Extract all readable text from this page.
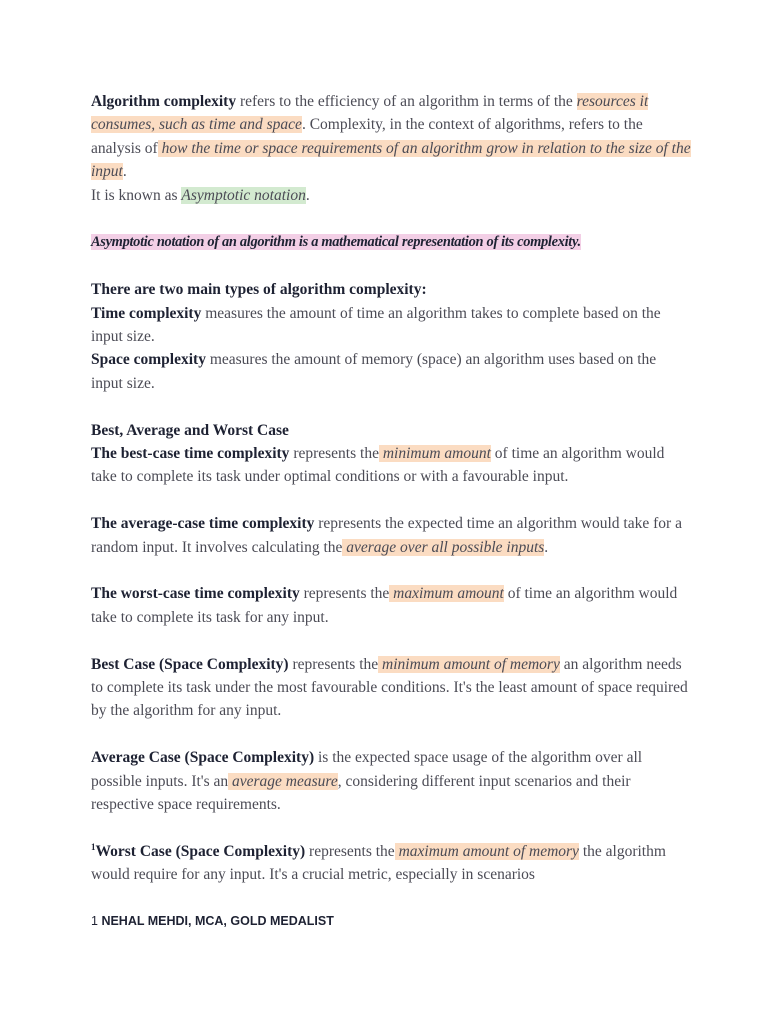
Algorithm complexity refers to the efficiency of an algorithm in terms of the resources it consumes, such as time and space. Complexity, in the context of algorithms, refers to the analysis of how the time or space requirements of an algorithm grow in relation to the size of the input.

It is known as Asymptotic notation.

Asymptotic notation of an algorithm is a mathematical representation of its complexity.

There are two main types of algorithm complexity:

Time complexity measures the amount of time an algorithm takes to complete based on the input size.

Space complexity measures the amount of memory (space) an algorithm uses based on the input size.

Best, Average and Worst Case

The best-case time complexity represents the minimum amount of time an algorithm would take to complete its task under optimal conditions or with a favourable input.

The average-case time complexity represents the expected time an algorithm would take for a random input. It involves calculating the average over all possible inputs.

The worst-case time complexity represents the maximum amount of time an algorithm would take to complete its task for any input.

Best Case (Space Complexity) represents the minimum amount of memory an algorithm needs to complete its task under the most favourable conditions. It's the least amount of space required by the algorithm for any input.

Average Case (Space Complexity) is the expected space usage of the algorithm over all possible inputs. It's an average measure, considering different input scenarios and their respective space requirements.

$^1$Worst Case (Space Complexity) represents the maximum amount of memory the algorithm would require for any input. It's a crucial metric, especially in scenarios

1 NEHAL MEHDI, MCA, GOLD MEDALIST
